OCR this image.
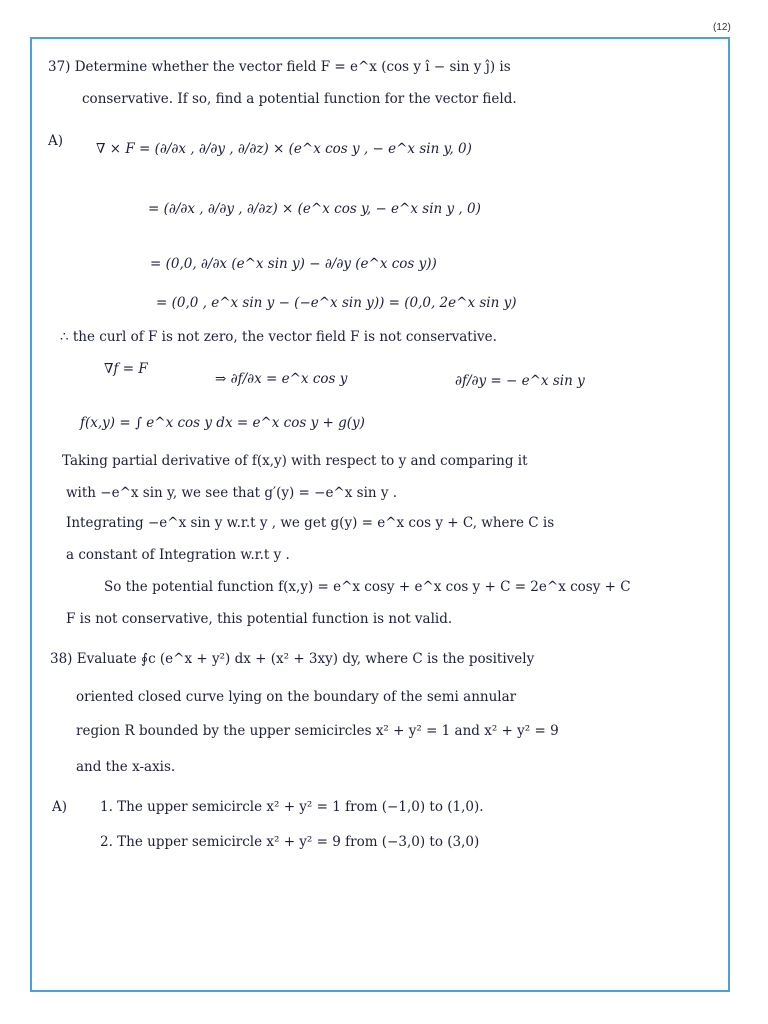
(12)
37) Determine whether the vector field F = e^x (cos y î − sin y ĵ) is
conservative. If so, find a potential function for the vector field.
A) ∇ × F = (∂/∂x , ∂/∂y , ∂/∂z) × (e^x cos y , − e^x sin y, 0)
= (∂/∂x , ∂/∂y , ∂/∂z) × (e^x cos y, − e^x sin y , 0)
= (0,0, ∂/∂x (e^x sin y) − ∂/∂y (e^x cos y))
= (0,0 , e^x sin y − (−e^x sin y)) = (0,0, 2e^x sin y)
∴ the curl of F is not zero, the vector field F is not conservative.
∇f = F
⇒ ∂f/∂x = e^x cos y	∂f/∂y = − e^x sin y
f(x,y) = ∫ e^x cos y dx = e^x cos y + g(y)
Taking partial derivative of f(x,y) with respect to y and comparing it
with −e^x sin y, we see that g′(y) = −e^x sin y .
Integrating −e^x sin y w.r.t y , we get g(y) = e^x cos y + C, where C is
a constant of Integration w.r.t y .
So the potential function f(x,y) = e^x cosy + e^x cos y + C = 2e^x cosy + C
F is not conservative, this potential function is not valid.
38) Evaluate ∮c (e^x + y²) dx + (x² + 3xy) dy, where C is the positively
oriented closed curve lying on the boundary of the semi annular
region R bounded by the upper semicircles x² + y² = 1 and x² + y² = 9
and the x-axis.
A) 1. The upper semicircle x² + y² = 1 from (−1,0) to (1,0).
2. The upper semicircle x² + y² = 9 from (−3,0) to (3,0)
